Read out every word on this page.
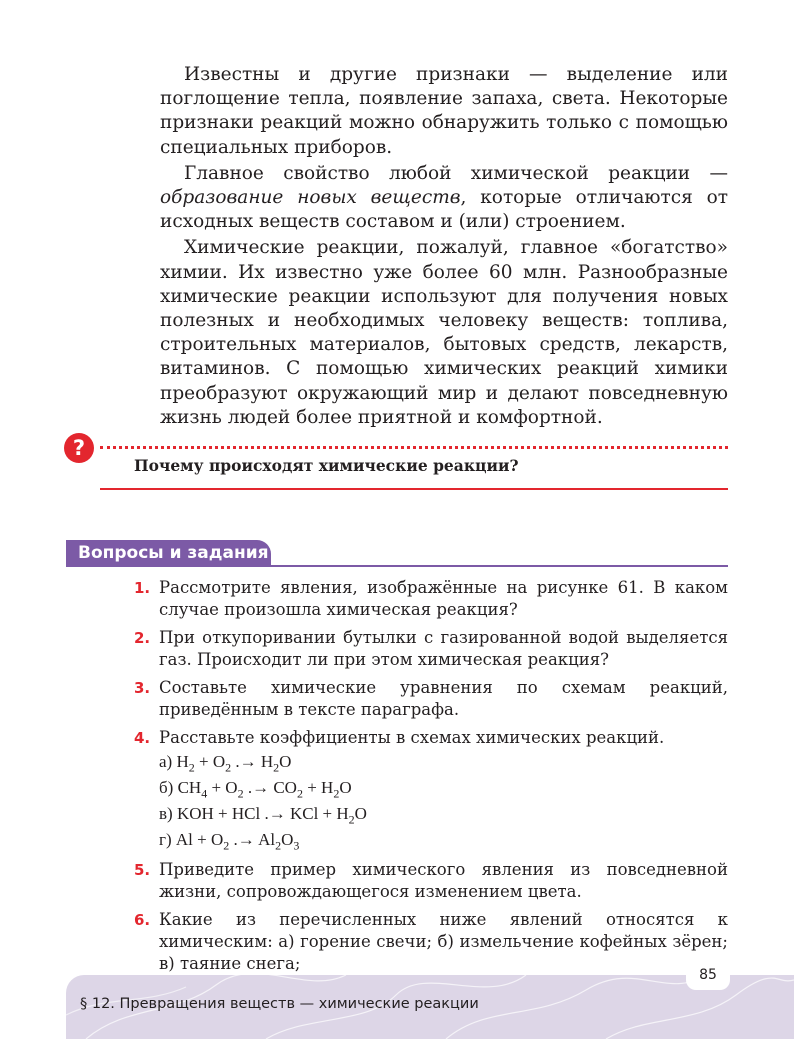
Известны и другие признаки — выделение или поглощение тепла, появление запаха, света. Некоторые признаки реакций можно обнаружить только с помощью специальных приборов.

Главное свойство любой химической реакции — образование новых веществ, которые отличаются от исходных веществ составом и (или) строением.

Химические реакции, пожалуй, главное «богатство» химии. Их известно уже более 60 млн. Разнообразные химические реакции используют для получения новых полезных и необходимых человеку веществ: топлива, строительных материалов, бытовых средств, лекарств, витаминов. С помощью химических реакций химики преобразуют окружающий мир и делают повседневную жизнь людей более приятной и комфортной.

?
Почему происходят химические реакции?
Вопросы и задания
1. Рассмотрите явления, изображённые на рисунке 61. В каком случае произошла химическая реакция?
2. При откупоривании бутылки с газированной водой выделяется газ. Происходит ли при этом химическая реакция?
3. Составьте химические уравнения по схемам реакций, приведённым в тексте параграфа.
4. Расставьте коэффициенты в схемах химических реакций.
а) $H_2 + O_2$ .→ $H_2O$
б) $CH_4 + O_2$ .→ $CO_2 + H_2O$
в) KOH + HCl .→ KCl + $H_2O$
г) $Al + O_2$ .→ $Al_2O_3$
5. Приведите пример химического явления из повседневной жизни, сопровождающегося изменением цвета.
6. Какие из перечисленных ниже явлений относятся к химическим: а) горение свечи; б) измельчение кофейных зёрен; в) таяние снега;
85
§ 12. Превращения веществ — химические реакции
